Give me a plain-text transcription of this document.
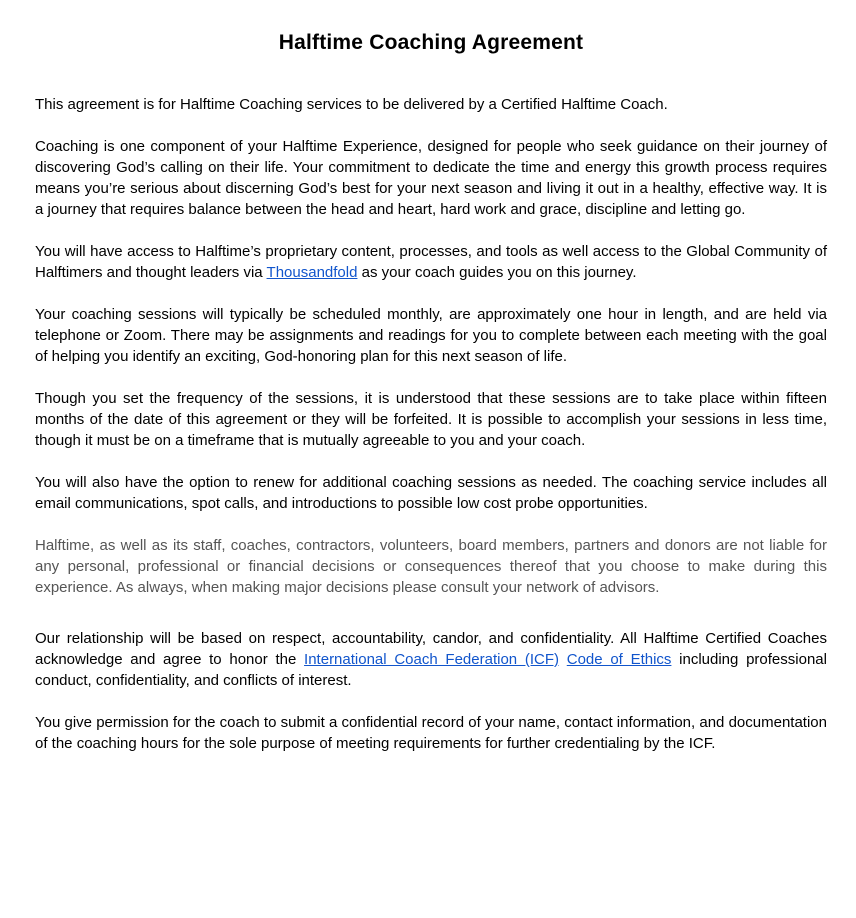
Halftime Coaching Agreement

This agreement is for Halftime Coaching services to be delivered by a Certified Halftime Coach.

Coaching is one component of your Halftime Experience, designed for people who seek guidance on their journey of discovering God’s calling on their life. Your commitment to dedicate the time and energy this growth process requires means you’re serious about discerning God’s best for your next season and living it out in a healthy, effective way. It is a journey that requires balance between the head and heart, hard work and grace, discipline and letting go.

You will have access to Halftime’s proprietary content, processes, and tools as well access to the Global Community of Halftimers and thought leaders via Thousandfold as your coach guides you on this journey.

Your coaching sessions will typically be scheduled monthly, are approximately one hour in length, and are held via telephone or Zoom. There may be assignments and readings for you to complete between each meeting with the goal of helping you identify an exciting, God-honoring plan for this next season of life.

Though you set the frequency of the sessions, it is understood that these sessions are to take place within fifteen months of the date of this agreement or they will be forfeited. It is possible to accomplish your sessions in less time, though it must be on a timeframe that is mutually agreeable to you and your coach.

You will also have the option to renew for additional coaching sessions as needed. The coaching service includes all email communications, spot calls, and introductions to possible low cost probe opportunities.

Halftime, as well as its staff, coaches, contractors, volunteers, board members, partners and donors are not liable for any personal, professional or financial decisions or consequences thereof that you choose to make during this experience. As always, when making major decisions please consult your network of advisors.

Our relationship will be based on respect, accountability, candor, and confidentiality. All Halftime Certified Coaches acknowledge and agree to honor the International Coach Federation (ICF) Code of Ethics including professional conduct, confidentiality, and conflicts of interest.

You give permission for the coach to submit a confidential record of your name, contact information, and documentation of the coaching hours for the sole purpose of meeting requirements for further credentialing by the ICF.
